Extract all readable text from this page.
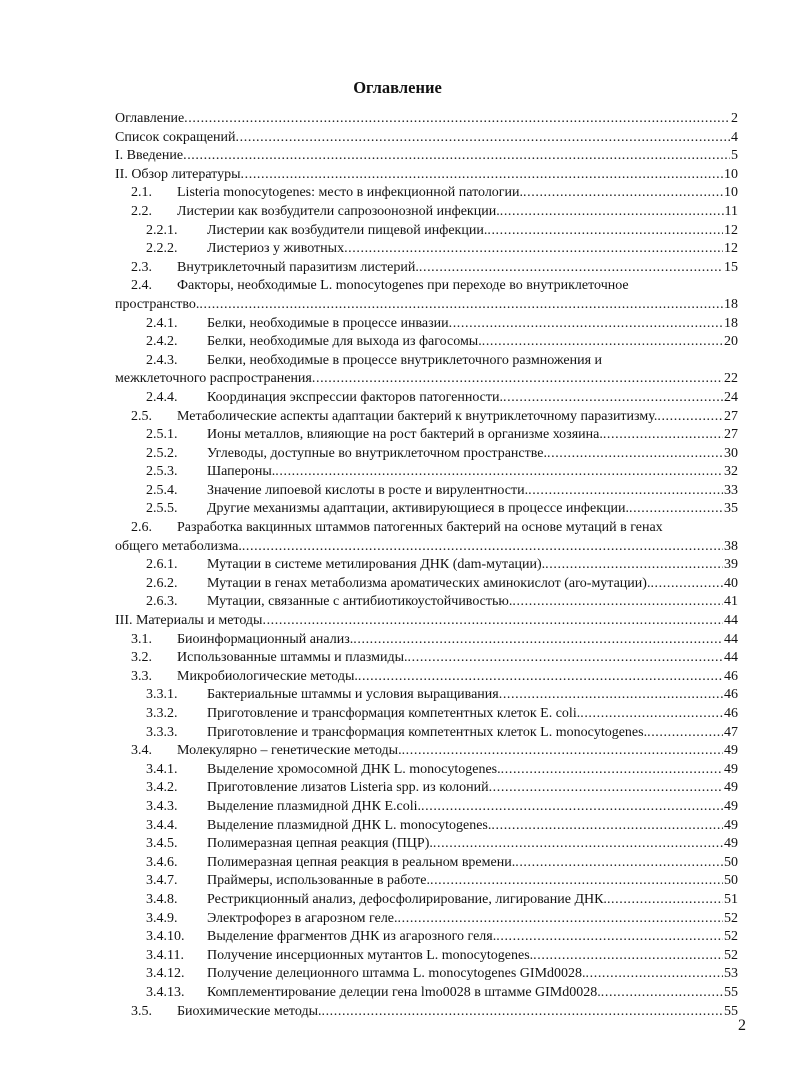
Оглавление
Оглавление .....	2
Список сокращений .....	4
I. Введение .....	5
II. Обзор литературы .....	10
2.1. Listeria monocytogenes: место в инфекционной патологии. .....	10
2.2. Листерии как возбудители сапрозоонозной инфекции. .....	11
2.2.1. Листерии как возбудители пищевой инфекции. .....	12
2.2.2. Листериоз у животных .....	12
2.3. Внутриклеточный паразитизм листерий. .....	15
2.4. Факторы, необходимые L. monocytogenes при переходе во внутриклеточное
пространство. .....	18
2.4.1. Белки, необходимые в процессе инвазии .....	18
2.4.2. Белки, необходимые для выхода из фагосомы. .....	20
2.4.3. Белки, необходимые в процессе внутриклеточного размножения и
межклеточного распространения .....	22
2.4.4. Координация экспрессии факторов патогенности. .....	24
2.5. Метаболические аспекты адаптации бактерий к внутриклеточному паразитизму. .....	27
2.5.1. Ионы металлов, влияющие на рост бактерий в организме хозяина. .....	27
2.5.2. Углеводы, доступные во внутриклеточном пространстве. .....	30
2.5.3. Шапероны. .....	32
2.5.4. Значение липоевой кислоты в росте и вирулентности. .....	33
2.5.5. Другие механизмы адаптации, активирующиеся в процессе инфекции. .....	35
2.6. Разработка вакцинных штаммов патогенных бактерий на основе мутаций в генах
общего метаболизма. .....	38
2.6.1. Мутации в системе метилирования ДНК (dam-мутации). .....	39
2.6.2. Мутации в генах метаболизма ароматических аминокислот (aro-мутации). .....	40
2.6.3. Мутации, связанные с антибиотикоустойчивостью. .....	41
III. Материалы и методы .....	44
3.1. Биоинформационный анализ. .....	44
3.2. Использованные штаммы и плазмиды. .....	44
3.3. Микробиологические методы. .....	46
3.3.1. Бактериальные штаммы и условия выращивания .....	46
3.3.2. Приготовление и трансформация компетентных клеток E. coli. .....	46
3.3.3. Приготовление и трансформация компетентных клеток L. monocytogenes. .....	47
3.4. Молекулярно – генетические методы. .....	49
3.4.1. Выделение хромосомной ДНК L. monocytogenes. .....	49
3.4.2. Приготовление лизатов Listeria spp. из колоний .....	49
3.4.3. Выделение плазмидной ДНК E.coli. .....	49
3.4.4. Выделение плазмидной ДНК L. monocytogenes. .....	49
3.4.5. Полимеразная цепная реакция (ПЦР). .....	49
3.4.6. Полимеразная цепная реакция в реальном времени. .....	50
3.4.7. Праймеры, использованные в работе. .....	50
3.4.8. Рестрикционный анализ, дефосфолирирование, лигирование ДНК. .....	51
3.4.9. Электрофорез в агарозном геле. .....	52
3.4.10. Выделение фрагментов ДНК из агарозного геля. .....	52
3.4.11. Получение инсерционных мутантов L. monocytogenes. .....	52
3.4.12. Получение делеционного штамма L. monocytogenes GIMd0028. .....	53
3.4.13. Комплементирование делеции гена lmo0028 в штамме GIMd0028. .....	55
3.5. Биохимические методы. .....	55
2
